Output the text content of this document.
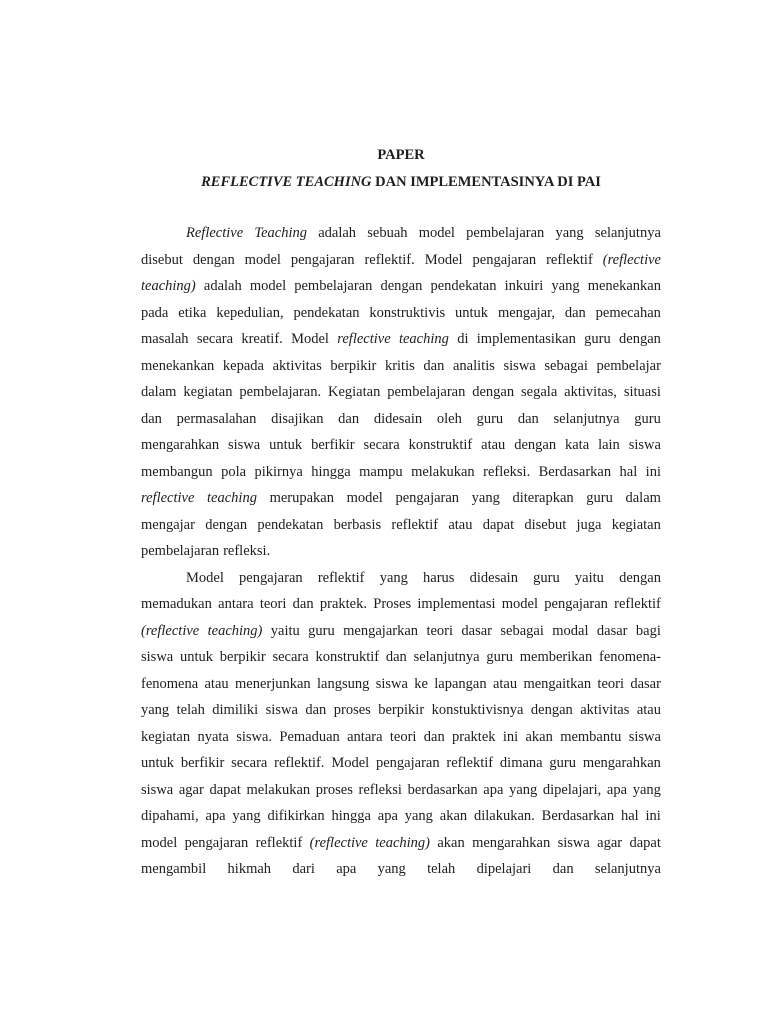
PAPER

REFLECTIVE TEACHING DAN IMPLEMENTASINYA DI PAI

Reflective Teaching adalah sebuah model pembelajaran yang selanjutnya
disebut dengan model pengajaran reflektif. Model pengajaran reflektif (reflective
teaching) adalah model pembelajaran dengan pendekatan inkuiri yang menekankan
pada etika kepedulian, pendekatan konstruktivis untuk mengajar, dan pemecahan
masalah secara kreatif. Model reflective teaching di implementasikan guru dengan
menekankan kepada aktivitas berpikir kritis dan analitis siswa sebagai pembelajar
dalam kegiatan pembelajaran. Kegiatan pembelajaran dengan segala aktivitas, situasi
dan permasalahan disajikan dan didesain oleh guru dan selanjutnya guru
mengarahkan siswa untuk berfikir secara konstruktif atau dengan kata lain siswa
membangun pola pikirnya hingga mampu melakukan refleksi. Berdasarkan hal ini
reflective teaching merupakan model pengajaran yang diterapkan guru dalam
mengajar dengan pendekatan berbasis reflektif atau dapat disebut juga kegiatan
pembelajaran refleksi.
Model pengajaran reflektif yang harus didesain guru yaitu dengan
memadukan antara teori dan praktek. Proses implementasi model pengajaran reflektif
(reflective teaching) yaitu guru mengajarkan teori dasar sebagai modal dasar bagi
siswa untuk berpikir secara konstruktif dan selanjutnya guru memberikan fenomena-
fenomena atau menerjunkan langsung siswa ke lapangan atau mengaitkan teori dasar
yang telah dimiliki siswa dan proses berpikir konstuktivisnya dengan aktivitas atau
kegiatan nyata siswa. Pemaduan antara teori dan praktek ini akan membantu siswa
untuk berfikir secara reflektif. Model pengajaran reflektif dimana guru mengarahkan
siswa agar dapat melakukan proses refleksi berdasarkan apa yang dipelajari, apa yang
dipahami, apa yang difikirkan hingga apa yang akan dilakukan. Berdasarkan hal ini
model pengajaran reflektif (reflective teaching) akan mengarahkan siswa agar dapat
mengambil hikmah dari apa yang telah dipelajari dan selanjutnya
